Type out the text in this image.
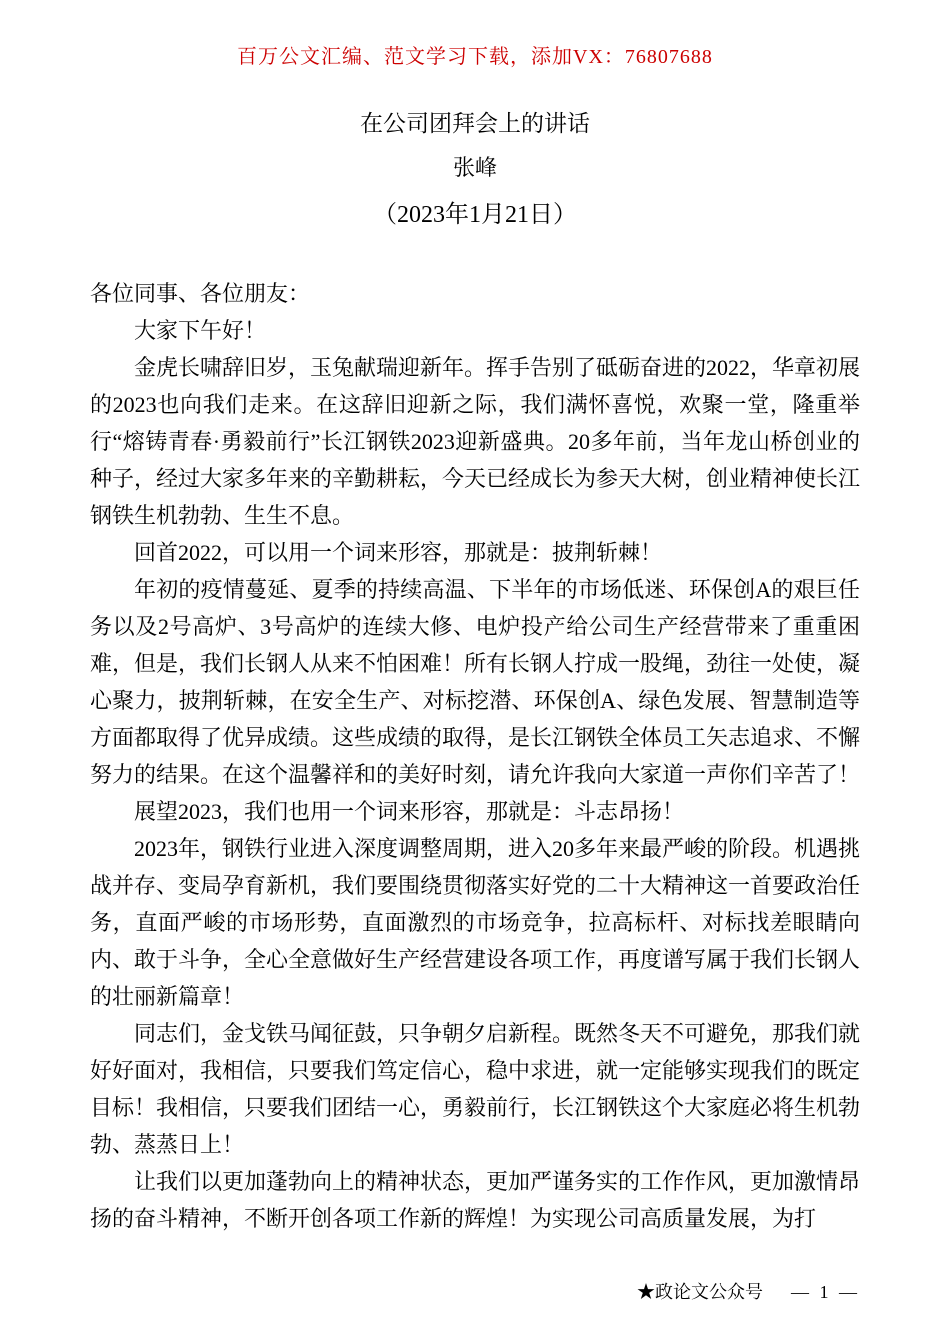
百万公文汇编、范文学习下载，添加VX：76807688
在公司团拜会上的讲话
张峰
（2023年1月21日）

各位同事、各位朋友：

大家下午好！

金虎长啸辞旧岁，玉兔献瑞迎新年。挥手告别了砥砺奋进的2022，华章初展的2023也向我们走来。在这辞旧迎新之际，我们满怀喜悦，欢聚一堂，隆重举行“熔铸青春·勇毅前行”长江钢铁2023迎新盛典。20多年前，当年龙山桥创业的种子，经过大家多年来的辛勤耕耘，今天已经成长为参天大树，创业精神使长江钢铁生机勃勃、生生不息。

回首2022，可以用一个词来形容，那就是：披荆斩棘！

年初的疫情蔓延、夏季的持续高温、下半年的市场低迷、环保创A的艰巨任务以及2号高炉、3号高炉的连续大修、电炉投产给公司生产经营带来了重重困难，但是，我们长钢人从来不怕困难！所有长钢人拧成一股绳，劲往一处使，凝心聚力，披荆斩棘，在安全生产、对标挖潜、环保创A、绿色发展、智慧制造等方面都取得了优异成绩。这些成绩的取得，是长江钢铁全体员工矢志追求、不懈努力的结果。在这个温馨祥和的美好时刻，请允许我向大家道一声你们辛苦了！

展望2023，我们也用一个词来形容，那就是：斗志昂扬！

2023年，钢铁行业进入深度调整周期，进入20多年来最严峻的阶段。机遇挑战并存、变局孕育新机，我们要围绕贯彻落实好党的二十大精神这一首要政治任务，直面严峻的市场形势，直面激烈的市场竞争，拉高标杆、对标找差眼睛向内、敢于斗争，全心全意做好生产经营建设各项工作，再度谱写属于我们长钢人的壮丽新篇章！

同志们，金戈铁马闻征鼓，只争朝夕启新程。既然冬天不可避免，那我们就好好面对，我相信，只要我们笃定信心，稳中求进，就一定能够实现我们的既定目标！我相信，只要我们团结一心，勇毅前行，长江钢铁这个大家庭必将生机勃勃、蒸蒸日上！

让我们以更加蓬勃向上的精神状态，更加严谨务实的工作作风，更加激情昂扬的奋斗精神，不断开创各项工作新的辉煌！为实现公司高质量发展，为打

★政论文公众号 — 1 —
